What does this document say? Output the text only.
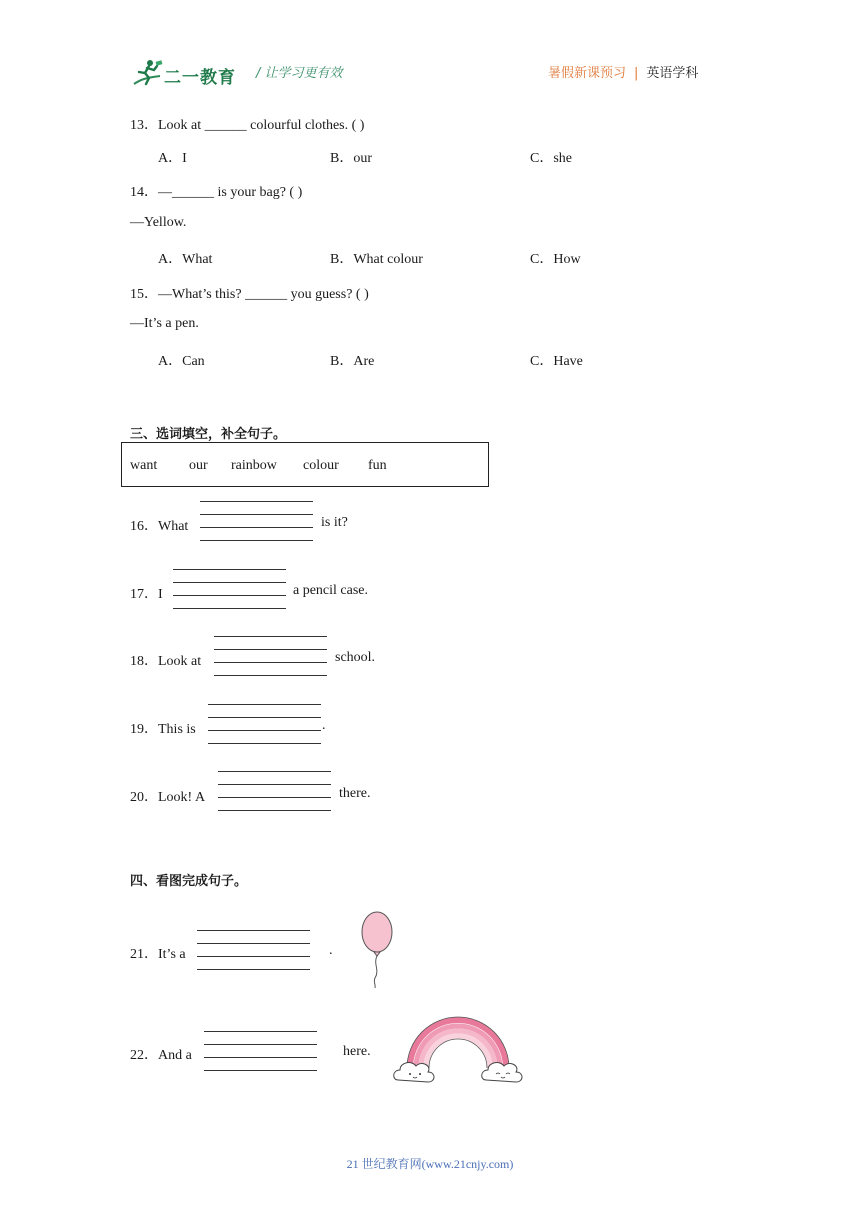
二一教育 / 让学习更有效	暑假新课预习 | 英语学科
13．Look at ______ colourful clothes. ( )
A．I	B．our	C．she
14．—______ is your bag? ( )
—Yellow.
A．What	B．What colour	C．How
15．—What’s this? ______ you guess? ( )
—It’s a pen.
A．Can	B．Are	C．Have
三、选词填空，补全句子。
want our rainbow colour fun
16．What	is it?
17．I	a pencil case.
18．Look at	school.
19．This is	.
20．Look! A	there.
四、看图完成句子。
21．It’s a	.
22．And a	here.
21 世纪教育网(www.21cnjy.com)
